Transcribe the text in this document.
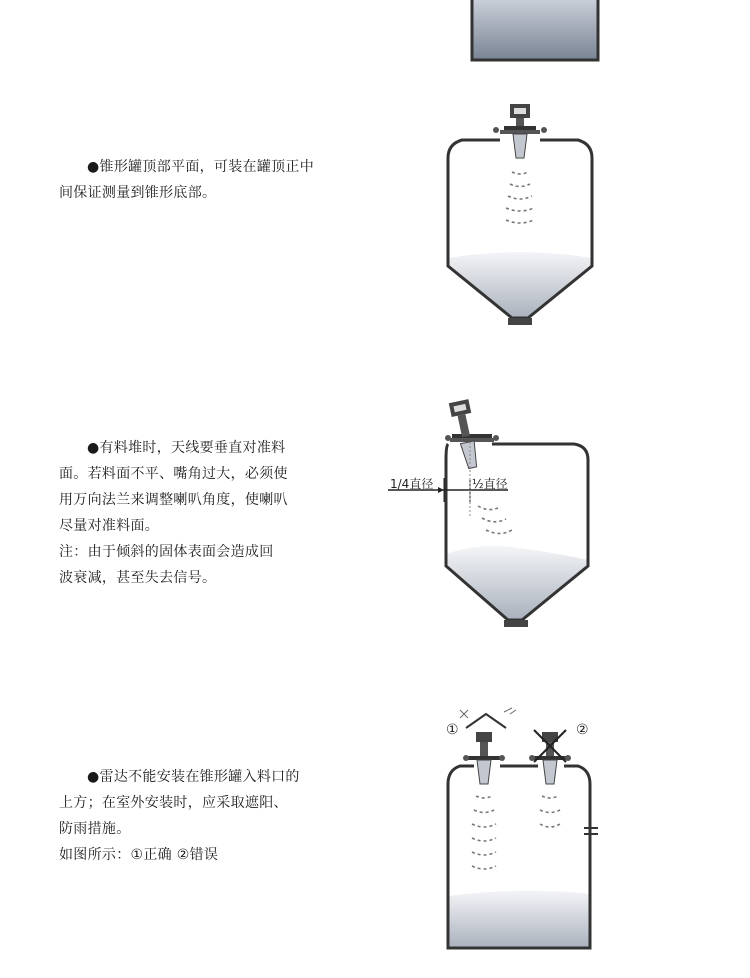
●锥形罐顶部平面，可装在罐顶正中

间保证测量到锥形底部。

●有料堆时，天线要垂直对准料

面。若料面不平、嘴角过大，必须使

用万向法兰来调整喇叭角度，使喇叭

尽量对准料面。

注：由于倾斜的固体表面会造成回

波衰减，甚至失去信号。

1/4直径	½直径

●雷达不能安装在锥形罐入料口的

上方；在室外安装时，应采取遮阳、

防雨措施。

如图所示：①正确 ②错误

①	②
